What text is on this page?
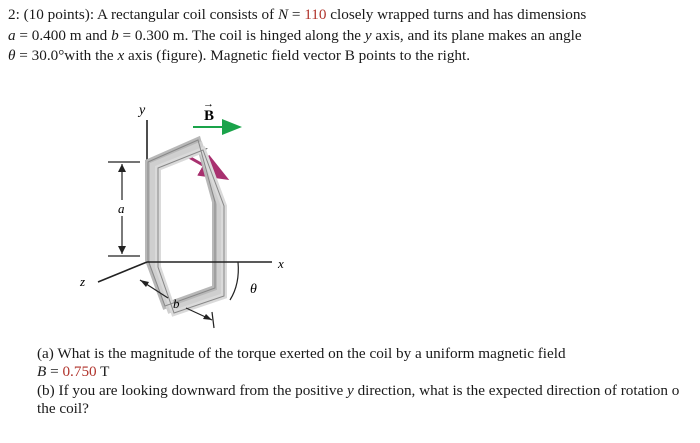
2: (10 points): A rectangular coil consists of N = 110 closely wrapped turns and has dimensions
a = 0.400 m and b = 0.300 m. The coil is hinged along the y axis, and its plane makes an angle
θ = 30.0°with the x axis (figure). Magnetic field vector B points to the right.
y	B
→
I
a
x
z
b
θ

(a) What is the magnitude of the torque exerted on the coil by a uniform magnetic field

B = 0.750 T

(b) If you are looking downward from the positive y direction, what is the expected direction of rotation o

the coil?
